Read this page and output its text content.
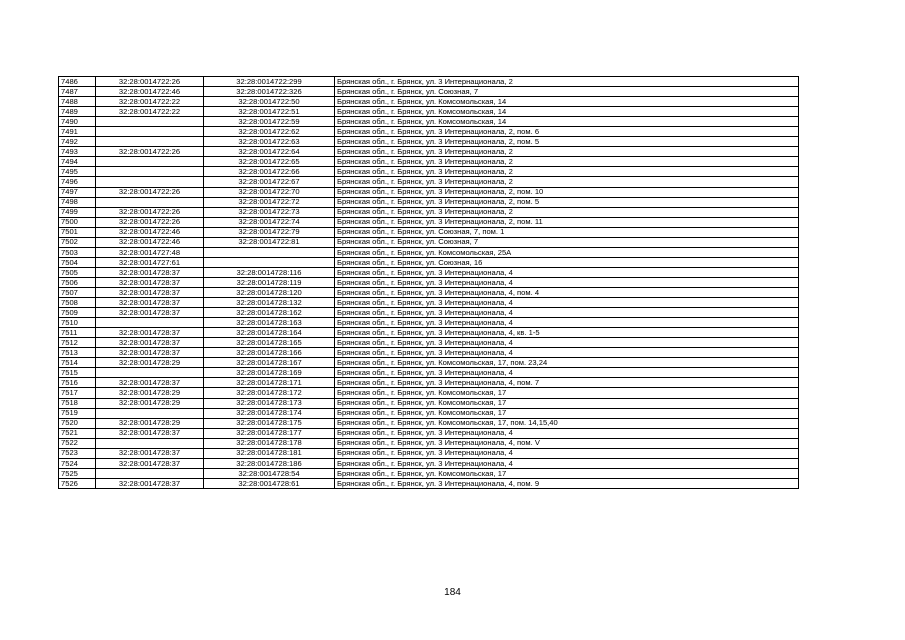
7486	32:28:0014722:26	32:28:0014722:299	Брянская обл., г. Брянск, ул. 3 Интернационала, 2
7487	32:28:0014722:46	32:28:0014722:326	Брянская обл., г. Брянск, ул. Союзная, 7
7488	32:28:0014722:22	32:28:0014722:50	Брянская обл., г. Брянск, ул. Комсомольская, 14
7489	32:28:0014722:22	32:28:0014722:51	Брянская обл., г. Брянск, ул. Комсомольская, 14
7490		32:28:0014722:59	Брянская обл., г. Брянск, ул. Комсомольская, 14
7491		32:28:0014722:62	Брянская обл., г. Брянск, ул. 3 Интернационала, 2, пом. 6
7492		32:28:0014722:63	Брянская обл., г. Брянск, ул. 3 Интернационала, 2, пом. 5
7493	32:28:0014722:26	32:28:0014722:64	Брянская обл., г. Брянск, ул. 3 Интернационала, 2
7494		32:28:0014722:65	Брянская обл., г. Брянск, ул. 3 Интернационала, 2
7495		32:28:0014722:66	Брянская обл., г. Брянск, ул. 3 Интернационала, 2
7496		32:28:0014722:67	Брянская обл., г. Брянск, ул. 3 Интернационала, 2
7497	32:28:0014722:26	32:28:0014722:70	Брянская обл., г. Брянск, ул. 3 Интернационала, 2, пом. 10
7498		32:28:0014722:72	Брянская обл., г. Брянск, ул. 3 Интернационала, 2, пом. 5
7499	32:28:0014722:26	32:28:0014722:73	Брянская обл., г. Брянск, ул. 3 Интернационала, 2
7500	32:28:0014722:26	32:28:0014722:74	Брянская обл., г. Брянск, ул. 3 Интернационала, 2, пом. 11
7501	32:28:0014722:46	32:28:0014722:79	Брянская обл., г. Брянск, ул. Союзная, 7, пом. 1
7502	32:28:0014722:46	32:28:0014722:81	Брянская обл., г. Брянск, ул. Союзная, 7
7503	32:28:0014727:48		Брянская обл., г. Брянск, ул. Комсомольская, 25А
7504	32:28:0014727:61		Брянская обл., г. Брянск, ул. Союзная, 16
7505	32:28:0014728:37	32:28:0014728:116	Брянская обл., г. Брянск, ул. 3 Интернационала, 4
7506	32:28:0014728:37	32:28:0014728:119	Брянская обл., г. Брянск, ул. 3 Интернационала, 4
7507	32:28:0014728:37	32:28:0014728:120	Брянская обл., г. Брянск, ул. 3 Интернационала, 4, пом. 4
7508	32:28:0014728:37	32:28:0014728:132	Брянская обл., г. Брянск, ул. 3 Интернационала, 4
7509	32:28:0014728:37	32:28:0014728:162	Брянская обл., г. Брянск, ул. 3 Интернационала, 4
7510		32:28:0014728:163	Брянская обл., г. Брянск, ул. 3 Интернационала, 4
7511	32:28:0014728:37	32:28:0014728:164	Брянская обл., г. Брянск, ул. 3 Интернационала, 4, кв. 1-5
7512	32:28:0014728:37	32:28:0014728:165	Брянская обл., г. Брянск, ул. 3 Интернационала, 4
7513	32:28:0014728:37	32:28:0014728:166	Брянская обл., г. Брянск, ул. 3 Интернационала, 4
7514	32:28:0014728:29	32:28:0014728:167	Брянская обл., г. Брянск, ул. Комсомольская, 17, пом. 23,24
7515		32:28:0014728:169	Брянская обл., г. Брянск, ул. 3 Интернационала, 4
7516	32:28:0014728:37	32:28:0014728:171	Брянская обл., г. Брянск, ул. 3 Интернационала, 4, пом. 7
7517	32:28:0014728:29	32:28:0014728:172	Брянская обл., г. Брянск, ул. Комсомольская, 17
7518	32:28:0014728:29	32:28:0014728:173	Брянская обл., г. Брянск, ул. Комсомольская, 17
7519		32:28:0014728:174	Брянская обл., г. Брянск, ул. Комсомольская, 17
7520	32:28:0014728:29	32:28:0014728:175	Брянская обл., г. Брянск, ул. Комсомольская, 17, пом. 14,15,40
7521	32:28:0014728:37	32:28:0014728:177	Брянская обл., г. Брянск, ул. 3 Интернационала, 4
7522		32:28:0014728:178	Брянская обл., г. Брянск, ул. 3 Интернационала, 4, пом. V
7523	32:28:0014728:37	32:28:0014728:181	Брянская обл., г. Брянск, ул. 3 Интернационала, 4
7524	32:28:0014728:37	32:28:0014728:186	Брянская обл., г. Брянск, ул. 3 Интернационала, 4
7525		32:28:0014728:54	Брянская обл., г. Брянск, ул. Комсомольская, 17
7526	32:28:0014728:37	32:28:0014728:61	Брянская обл., г. Брянск, ул. 3 Интернационала, 4, пом. 9
184
